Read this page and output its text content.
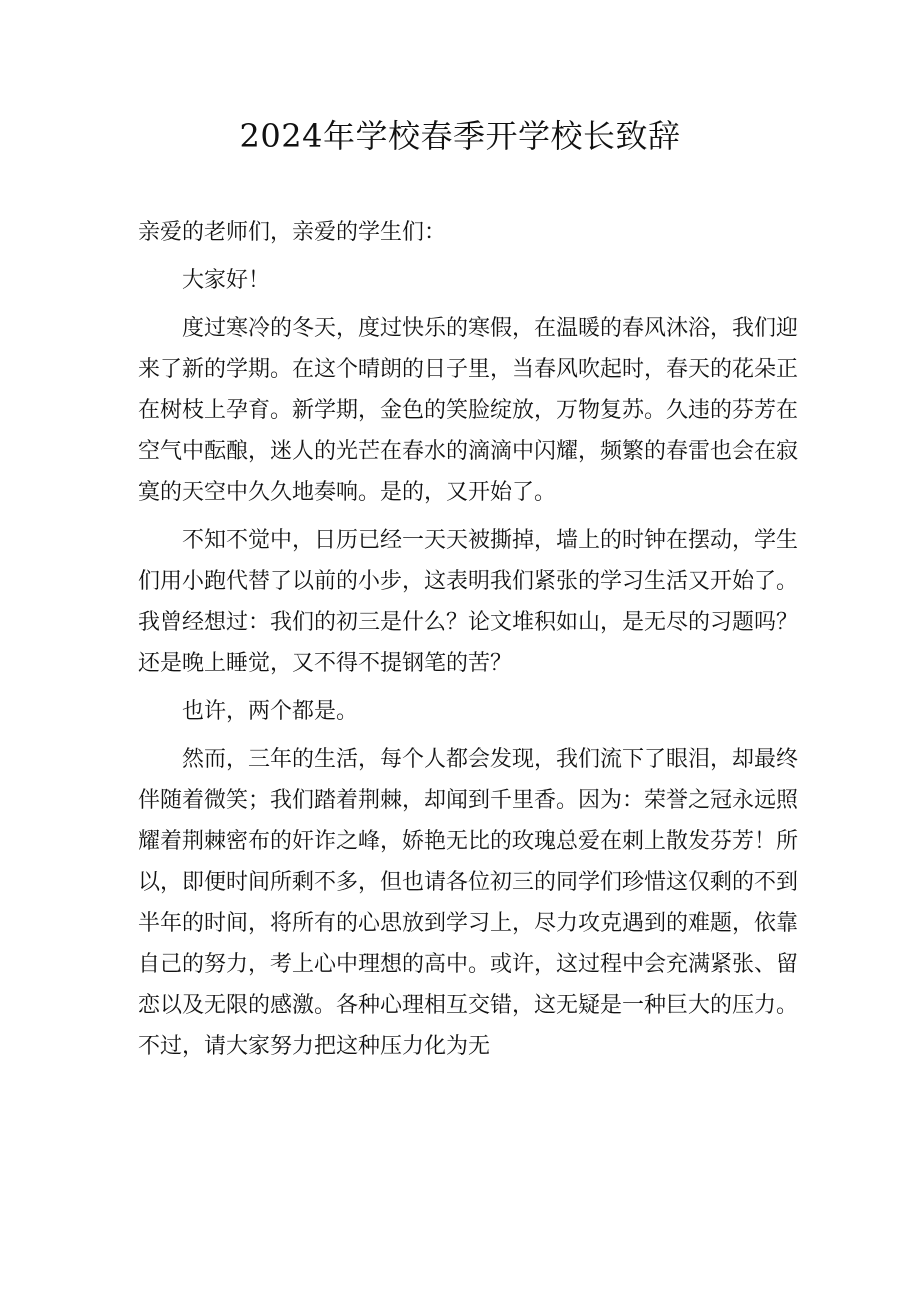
2024年学校春季开学校长致辞

亲爱的老师们，亲爱的学生们：

大家好！

度过寒冷的冬天，度过快乐的寒假，在温暖的春风沐浴，我们迎来了新的学期。在这个晴朗的日子里，当春风吹起时，春天的花朵正在树枝上孕育。新学期，金色的笑脸绽放，万物复苏。久违的芬芳在空气中酝酿，迷人的光芒在春水的滴滴中闪耀，频繁的春雷也会在寂寞的天空中久久地奏响。是的，又开始了。

不知不觉中，日历已经一天天被撕掉，墙上的时钟在摆动，学生们用小跑代替了以前的小步，这表明我们紧张的学习生活又开始了。我曾经想过：我们的初三是什么？论文堆积如山，是无尽的习题吗？还是晚上睡觉，又不得不提钢笔的苦？

也许，两个都是。

然而，三年的生活，每个人都会发现，我们流下了眼泪，却最终伴随着微笑；我们踏着荆棘，却闻到千里香。因为：荣誉之冠永远照耀着荆棘密布的奸诈之峰，娇艳无比的玫瑰总爱在刺上散发芬芳！所以，即便时间所剩不多，但也请各位初三的同学们珍惜这仅剩的不到半年的时间，将所有的心思放到学习上，尽力攻克遇到的难题，依靠自己的努力，考上心中理想的高中。或许，这过程中会充满紧张、留恋以及无限的感激。各种心理相互交错，这无疑是一种巨大的压力。不过，请大家努力把这种压力化为无
